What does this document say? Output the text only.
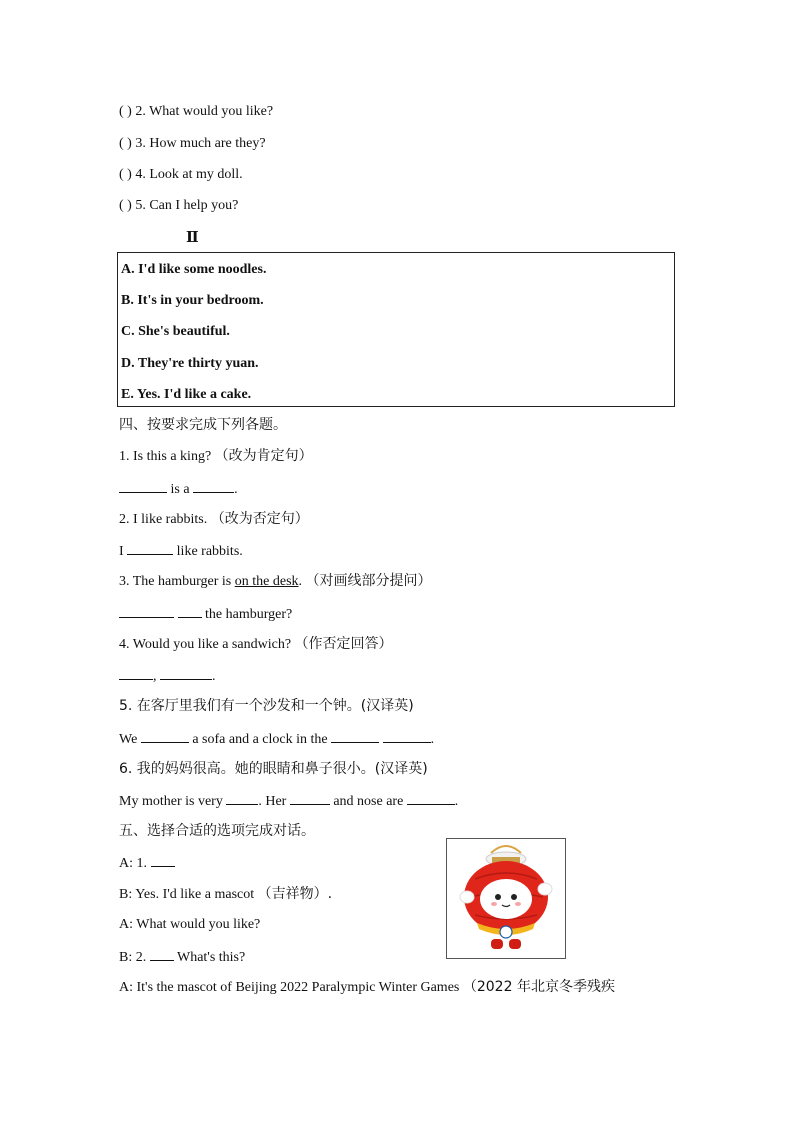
( ) 2. What would you like?
( ) 3. How much are they?
( ) 4. Look at my doll.
( ) 5. Can I help you?
Ⅱ
A. I'd like some noodles.
B. It's in your bedroom.
C. She's beautiful.
D. They're thirty yuan.
E. Yes. I'd like a cake.
四、按要求完成下列各题。
1. Is this a king? （改为肯定句）
is a	.
2. I like rabbits. （改为否定句）
I	like rabbits.
3. The hamburger is on the desk. （对画线部分提问）
the hamburger?
4. Would you like a sandwich? （作否定回答）
,	.
5. 在客厅里我们有一个沙发和一个钟。(汉译英)
We	a sofa and a clock in the	.
6. 我的妈妈很高。她的眼睛和鼻子很小。(汉译英)
My mother is very . Her	and nose are	.
五、选择合适的选项完成对话。
A: 1.
B: Yes. I'd like a mascot （吉祥物）.
A: What would you like?
B: 2.  What's this?
A: It's the mascot of Beijing 2022 Paralympic Winter Games （2022 年北京冬季残疾
